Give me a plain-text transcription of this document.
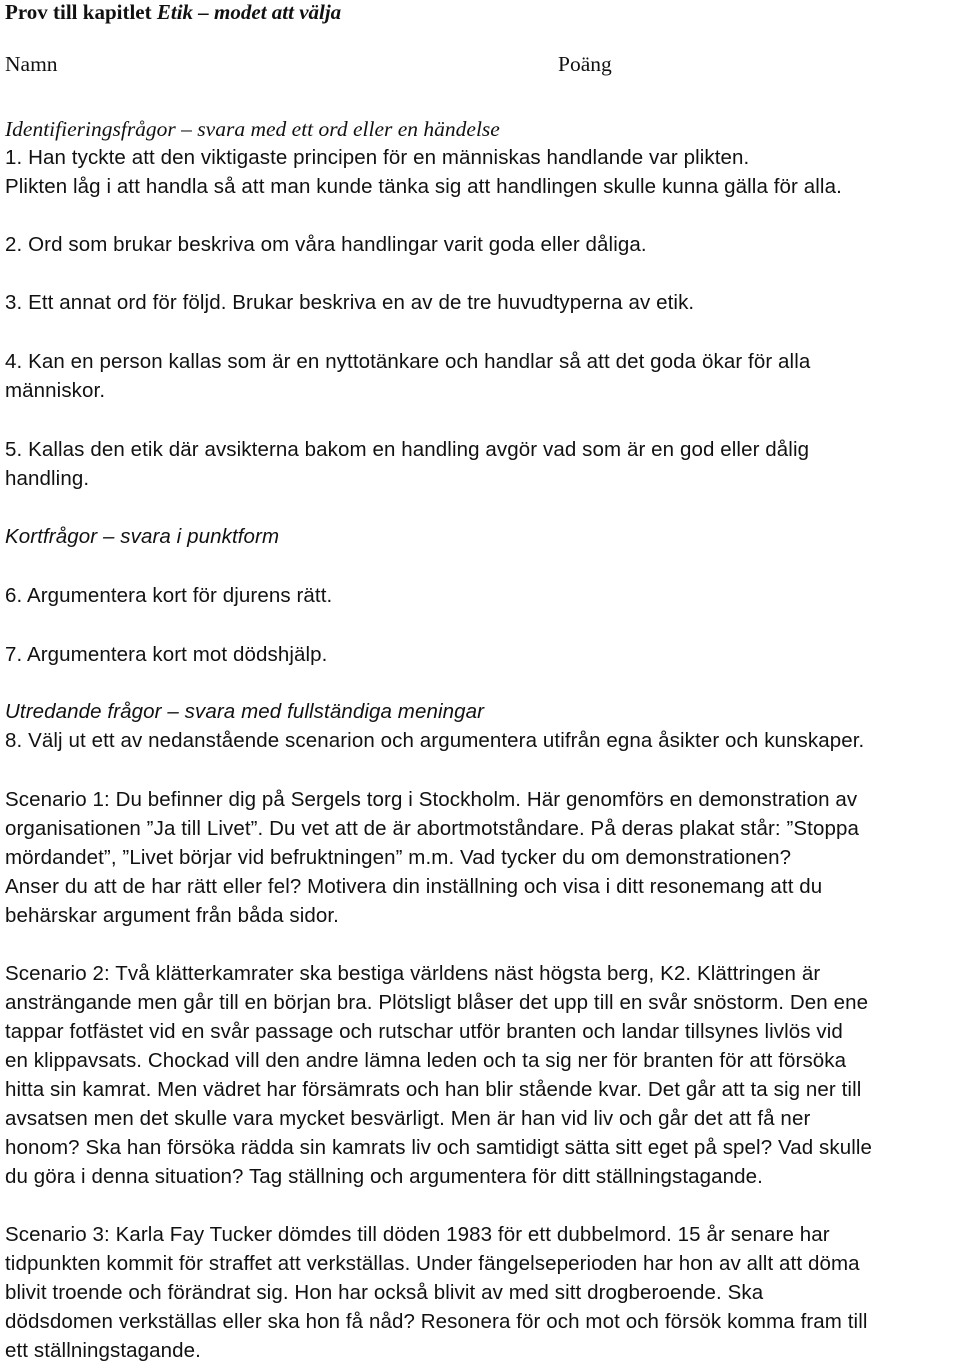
Prov till kapitlet Etik – modet att välja
Namn	Poäng
Identifieringsfrågor – svara med ett ord eller en händelse
1. Han tyckte att den viktigaste principen för en människas handlande var plikten.
Plikten låg i att handla så att man kunde tänka sig att handlingen skulle kunna gälla för alla.
2. Ord som brukar beskriva om våra handlingar varit goda eller dåliga.
3. Ett annat ord för följd. Brukar beskriva en av de tre huvudtyperna av etik.
4. Kan en person kallas som är en nyttotänkare och handlar så att det goda ökar för alla
människor.
5. Kallas den etik där avsikterna bakom en handling avgör vad som är en god eller dålig
handling.
Kortfrågor – svara i punktform
6. Argumentera kort för djurens rätt.
7. Argumentera kort mot dödshjälp.
Utredande frågor – svara med fullständiga meningar
8. Välj ut ett av nedanstående scenarion och argumentera utifrån egna åsikter och kunskaper.
Scenario 1: Du befinner dig på Sergels torg i Stockholm. Här genomförs en demonstration av
organisationen ”Ja till Livet”. Du vet att de är abortmotståndare. På deras plakat står: ”Stoppa
mördandet”, ”Livet börjar vid befruktningen” m.m. Vad tycker du om demonstrationen?
Anser du att de har rätt eller fel? Motivera din inställning och visa i ditt resonemang att du
behärskar argument från båda sidor.
Scenario 2: Två klätterkamrater ska bestiga världens näst högsta berg, K2. Klättringen är
ansträngande men går till en början bra. Plötsligt blåser det upp till en svår snöstorm. Den ene
tappar fotfästet vid en svår passage och rutschar utför branten och landar tillsynes livlös vid
en klippavsats. Chockad vill den andre lämna leden och ta sig ner för branten för att försöka
hitta sin kamrat. Men vädret har försämrats och han blir stående kvar. Det går att ta sig ner till
avsatsen men det skulle vara mycket besvärligt. Men är han vid liv och går det att få ner
honom? Ska han försöka rädda sin kamrats liv och samtidigt sätta sitt eget på spel? Vad skulle
du göra i denna situation? Tag ställning och argumentera för ditt ställningstagande.
Scenario 3: Karla Fay Tucker dömdes till döden 1983 för ett dubbelmord. 15 år senare har
tidpunkten kommit för straffet att verkställas. Under fängelseperioden har hon av allt att döma
blivit troende och förändrat sig. Hon har också blivit av med sitt drogberoende. Ska
dödsdomen verkställas eller ska hon få nåd? Resonera för och mot och försök komma fram till
ett ställningstagande.
